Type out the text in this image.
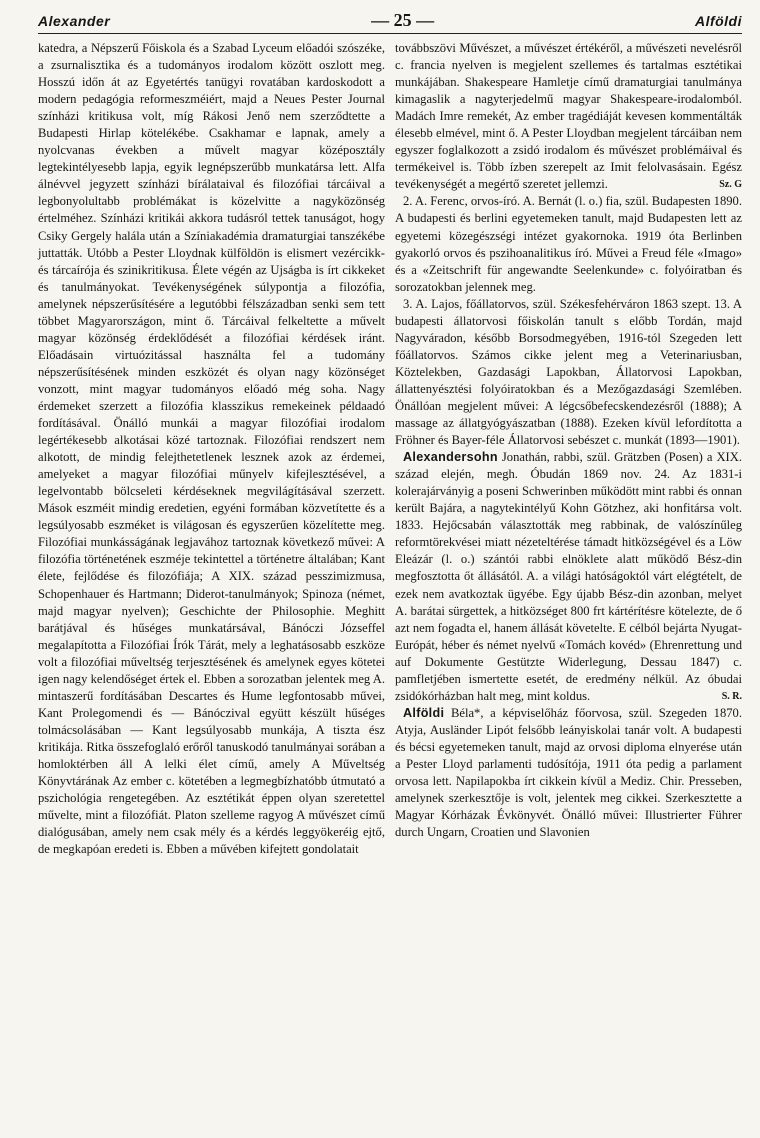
Alexander	— 25 —	Alföldi

katedra, a Népszerű Főiskola és a Szabad Lyceum előadói szószéke, a zsurnalisztika és a tudományos irodalom között oszlott meg. Hosszú időn át az Egyetértés tanügyi rovatában kardoskodott a modern pedagógia reformeszméiért, majd a Neues Pester Journal színházi kritikusa volt, míg Rákosi Jenő nem szerződtette a Budapesti Hirlap kötelékébe. Csakhamar e lapnak, amely a nyolcvanas években a művelt magyar középosztály legtekintélyesebb lapja, egyik legnépszerűbb munkatársa lett. Alfa álnévvel jegyzett színházi bírálataival és filozófiai tárcáival a legbonyolultabb problémákat is közelvitte a nagyközönség értelméhez. Színházi kritikái akkora tudásról tettek tanuságot, hogy Csiky Gergely halála után a Színiakadémia dramaturgiai tanszékébe juttatták. Utóbb a Pester Lloydnak külföldön is elismert vezércikk- és tárcaírója és szinikritikusa. Élete végén az Ujságba is írt cikkeket és tanulmányokat. Tevékenységének súlypontja a filozófia, amelynek népszerűsítésére a legutóbbi félszázadban senki sem tett többet Magyarországon, mint ő. Tárcáival felkeltette a művelt magyar közönség érdeklődését a filozófiai kérdések iránt. Előadásain virtuózitással használta fel a tudomány népszerűsítésének minden eszközét és olyan nagy közönséget vonzott, mint magyar tudományos előadó még soha. Nagy érdemeket szerzett a filozófia klasszikus remekeinek példaadó fordításával. Önálló munkái a magyar filozófiai irodalom legértékesebb alkotásai közé tartoznak. Filozófiai rendszert nem alkotott, de mindig felejthetetlenek lesznek azok az érdemei, amelyeket a magyar filozófiai műnyelv kifejlesztésével, a legelvontabb bölcseleti kérdéseknek megvilágításával szerzett. Mások eszméit mindig eredetien, egyéni formában közvetítette és a legsúlyosabb eszméket is világosan és egyszerűen közelítette meg. Filozófiai munkásságának legjavához tartoznak következő művei: A filozófia történetének eszméje tekintettel a történetre általában; Kant élete, fejlődése és filozófiája; A XIX. század pesszimizmusa, Schopenhauer és Hartmann; Diderot-tanulmányok; Spinoza (német, majd magyar nyelven); Geschichte der Philosophie. Meghitt barátjával és hűséges munkatársával, Bánóczi Józseffel megalapította a Filozófiai Írók Tárát, mely a leghatásosabb eszköze volt a filozófiai műveltség terjesztésének és amelynek egyes kötetei igen nagy kelendőséget értek el. Ebben a sorozatban jelentek meg A. mintaszerű fordításában Descartes és Hume legfontosabb művei, Kant Prolegomendi és — Bánóczival együtt készült hűséges tolmácsolásában — Kant legsúlyosabb munkája, A tiszta ész kritikája. Ritka összefoglaló erőről tanuskodó tanulmányai sorában a homloktérben áll A lelki élet című, amely A Műveltség Könyvtárának Az ember c. kötetében a legmegbízhatóbb útmutató a pszichológia rengetegében. Az esztétikát éppen olyan szeretettel művelte, mint a filozófiát. Platon szelleme ragyog A művészet című dialógusában, amely nem csak mély és a kérdés leggyökeréig ejtő, de megkapóan eredeti is. Ebben a művében kifejtett gondolatait

továbbszövi Művészet, a művészet értékéről, a művészeti nevelésről c. francia nyelven is megjelent szellemes és tartalmas esztétikai munkájában. Shakespeare Hamletje című dramaturgiai tanulmánya kimagaslik a nagyterjedelmű magyar Shakespeare-irodalomból. Madách Imre remekét, Az ember tragédiáját kevesen kommentálták élesebb elmével, mint ő. A Pester Lloydban megjelent tárcáiban nem egyszer foglalkozott a zsidó irodalom és művészet problémáival és termékeivel is. Több ízben szerepelt az Imit felolvasásain. Egész tevékenységét a megértő szeretet jellemzi.	Sz. G

2. A. Ferenc, orvos-író. A. Bernát (l. o.) fia, szül. Budapesten 1890. A budapesti és berlini egyetemeken tanult, majd Budapesten lett az egyetemi közegészségi intézet gyakornoka. 1919 óta Berlinben gyakorló orvos és pszihoanalitikus író. Művei a Freud féle «Imago» és a «Zeitschrift für angewandte Seelenkunde» c. folyóiratban és sorozatokban jelennek meg.

3. A. Lajos, főállatorvos, szül. Székesfehérváron 1863 szept. 13. A budapesti állatorvosi főiskolán tanult s előbb Tordán, majd Nagyváradon, később Borsodmegyében, 1916-tól Szegeden lett főállatorvos. Számos cikke jelent meg a Veterinariusban, Köztelekben, Gazdasági Lapokban, Állatorvosi Lapokban, állattenyésztési folyóiratokban és a Mezőgazdasági Szemlében. Önállóan megjelent művei: A légcsőbefecskendezésről (1888); A massage az állatgyógyászatban (1888). Ezeken kívül lefordította a Fröhner és Bayer-féle Állatorvosi sebészet c. munkát (1893—1901).

Alexandersohn Jonathán, rabbi, szül. Grätzben (Posen) a XIX. század elején, megh. Óbudán 1869 nov. 24. Az 1831-i kolerajárványig a poseni Schwerinben működött mint rabbi és onnan került Bajára, a nagytekintélyű Kohn Götzhez, aki honfitársa volt. 1833. Hejőcsabán választották meg rabbinak, de valószínűleg reformtörekvései miatt nézeteltérése támadt hitközségével és a Löw Eleázár (l. o.) szántói rabbi elnöklete alatt működő Bész-din megfosztotta őt állásától. A. a világi hatóságoktól várt elégtételt, de ezek nem avatkoztak ügyébe. Egy újabb Bész-din azonban, melyet A. barátai sürgettek, a hitközséget 800 frt kártérítésre kötelezte, de ő azt nem fogadta el, hanem állását követelte. E célból bejárta Nyugat-Európát, héber és német nyelvű «Tomách kovéd» (Ehrenrettung und auf Dokumente Gestützte Widerlegung, Dessau 1847) c. pamfletjében ismertette esetét, de eredmény nélkül. Az óbudai zsidókórházban halt meg, mint koldus.	S. R.

Alföldi Béla*, a képviselőház főorvosa, szül. Szegeden 1870. Atyja, Ausländer Lipót felsőbb leányiskolai tanár volt. A budapesti és bécsi egyetemeken tanult, majd az orvosi diploma elnyerése után a Pester Lloyd parlamenti tudósítója, 1911 óta pedig a parlament orvosa lett. Napilapokba írt cikkein kívül a Mediz. Chir. Presseben, amelynek szerkesztője is volt, jelentek meg cikkei. Szerkesztette a Magyar Kórházak Évkönyvét. Önálló művei: Illustrierter Führer durch Ungarn, Croatien und Slavonien
